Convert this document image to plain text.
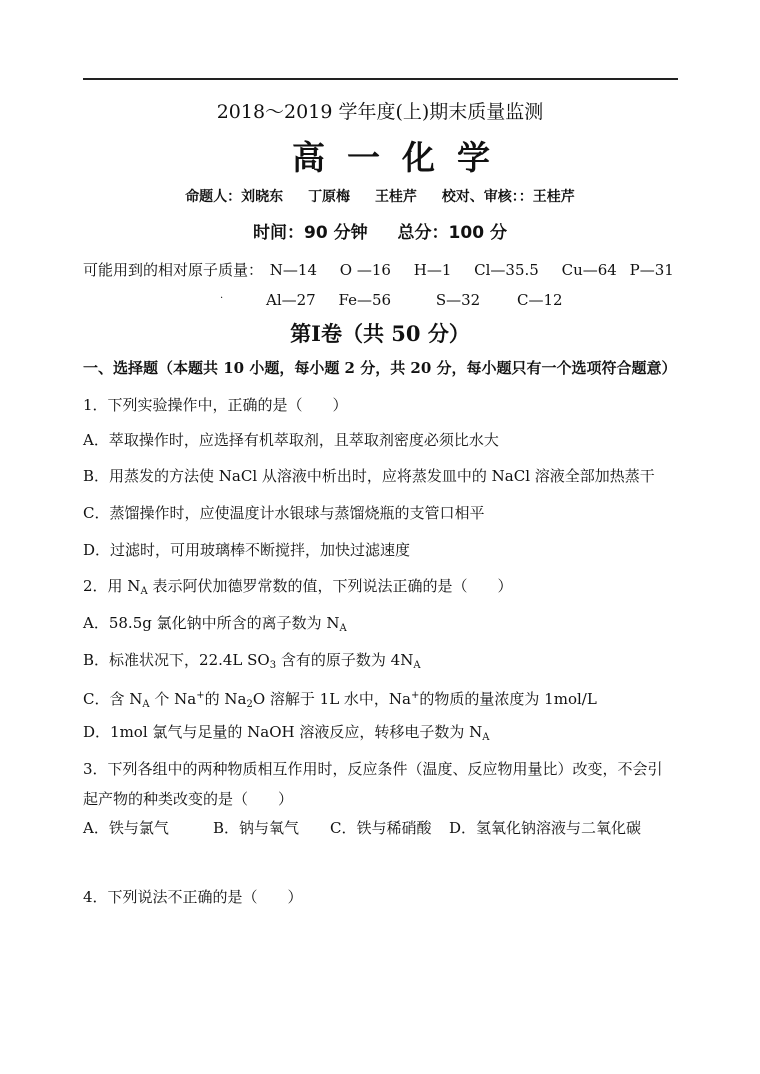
2018～2019 学年度(上)期末质量监测
高一化学
命题人：刘晓东 丁原梅 王桂芹 校对、审核：：王桂芹
时间：90 分钟 总分：100 分
可能用到的相对原子质量： N—14 O —16 H—1 Cl—35.5 Cu—64 P—31
.	Al—27 Fe—56	S—32 C—12
第Ⅰ卷（共 50 分）
一、选择题（本题共 10 小题，每小题 2 分，共 20 分，每小题只有一个选项符合题意）
1．下列实验操作中，正确的是（　　）
A．萃取操作时，应选择有机萃取剂，且萃取剂密度必须比水大
B．用蒸发的方法使 NaCl 从溶液中析出时，应将蒸发皿中的 NaCl 溶液全部加热蒸干
C．蒸馏操作时，应使温度计水银球与蒸馏烧瓶的支管口相平
D．过滤时，可用玻璃棒不断搅拌，加快过滤速度
2．用 $N_A$ 表示阿伏加德罗常数的值，下列说法正确的是（　　）
A．58.5g 氯化钠中所含的离子数为 $N_A$
B．标准状况下，22.4L $SO_3$ 含有的原子数为 $4N_A$
C．含 $N_A$ 个 Na+的 $Na_2O$ 溶解于 1L 水中，Na+的物质的量浓度为 1mol/L
D．1mol 氯气与足量的 NaOH 溶液反应，转移电子数为 $N_A$
3．下列各组中的两种物质相互作用时，反应条件（温度、反应物用量比）改变，不会引
起产物的种类改变的是（　　）
A．铁与氯气	B．钠与氧气 C．铁与稀硝酸 D．氢氧化钠溶液与二氧化碳
4．下列说法不正确的是（　　）
